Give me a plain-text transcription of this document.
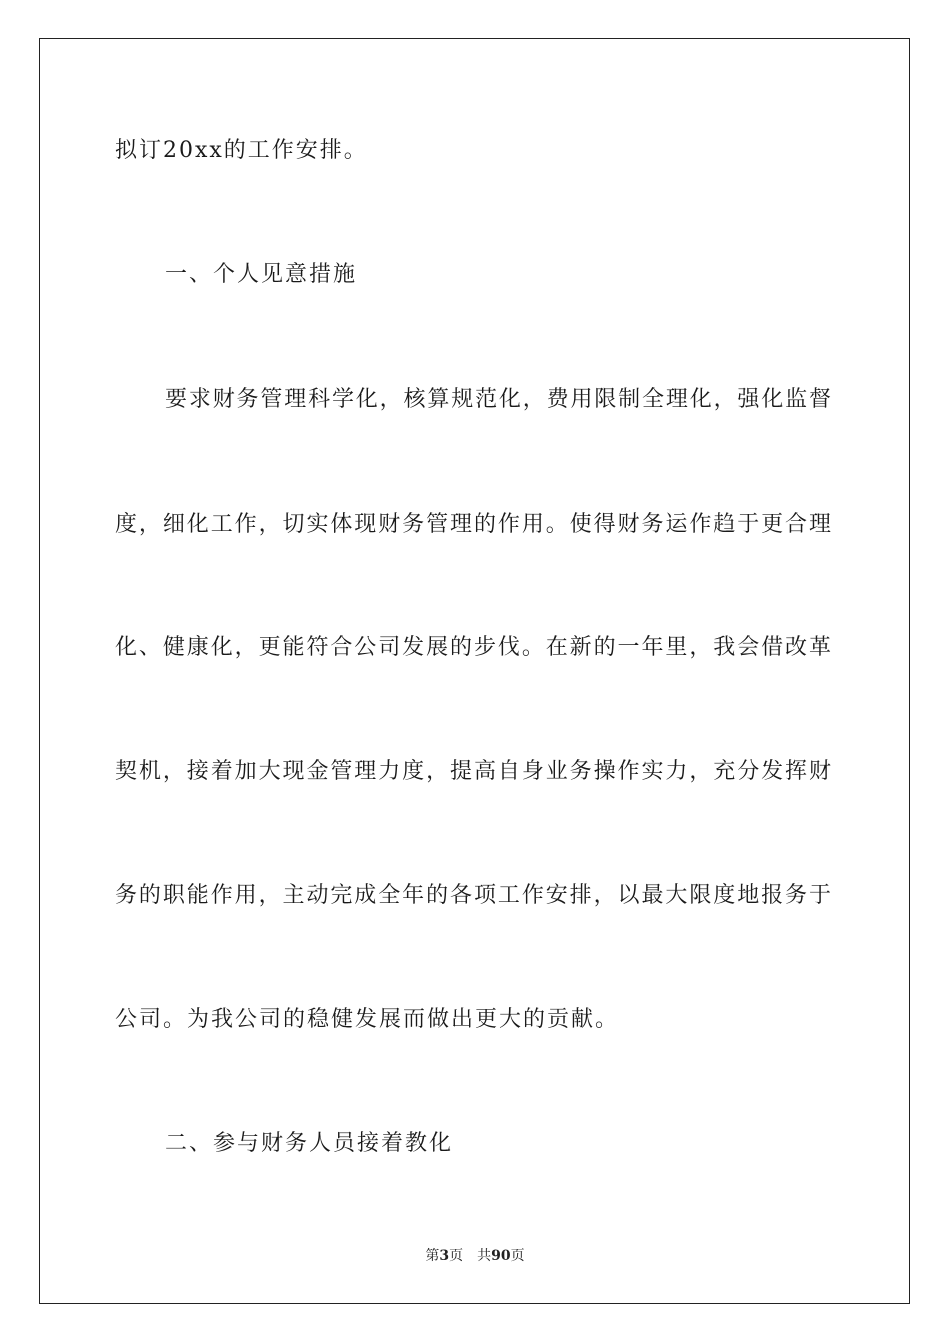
拟订20xx的工作安排。
一、个人见意措施
要求财务管理科学化，核算规范化，费用限制全理化，强化监督
度，细化工作，切实体现财务管理的作用。使得财务运作趋于更合理
化、健康化，更能符合公司发展的步伐。在新的一年里，我会借改革
契机，接着加大现金管理力度，提高自身业务操作实力，充分发挥财
务的职能作用，主动完成全年的各项工作安排，以最大限度地报务于
公司。为我公司的稳健发展而做出更大的贡献。
二、参与财务人员接着教化
第3页 共90页
